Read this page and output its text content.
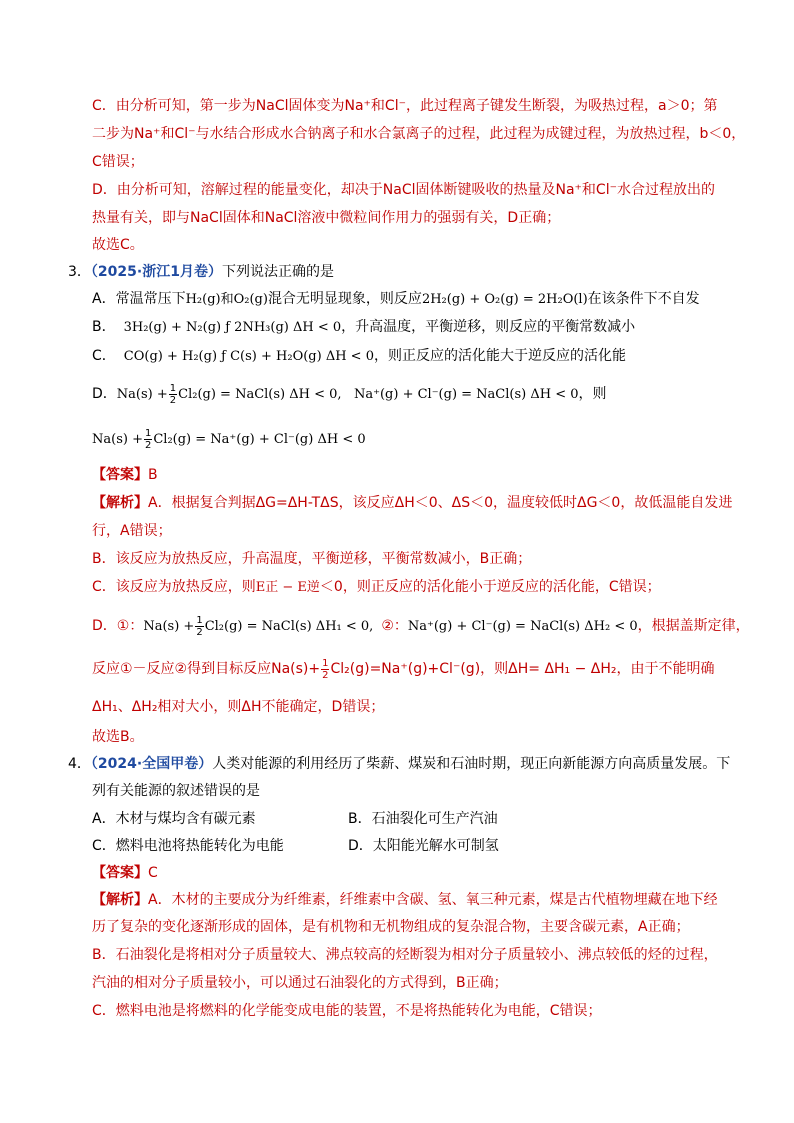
C．由分析可知，第一步为NaCl固体变为Na⁺和Cl⁻，此过程离子键发生断裂，为吸热过程，a＞0；第
二步为Na⁺和Cl⁻与水结合形成水合钠离子和水合氯离子的过程，此过程为成键过程，为放热过程，b＜0，
C错误；
D．由分析可知，溶解过程的能量变化，却决于NaCl固体断键吸收的热量及Na⁺和Cl⁻水合过程放出的
热量有关，即与NaCl固体和NaCl溶液中微粒间作用力的强弱有关，D正确；
故选C。
3．（2025·浙江1月卷）下列说法正确的是
A．常温常压下H₂(g)和O₂(g)混合无明显现象，则反应2H₂(g) + O₂(g) = 2H₂O(l)在该条件下不自发
B． 3H₂(g) + N₂(g) ƒ 2NH₃(g) ΔH < 0，升高温度，平衡逆移，则反应的平衡常数减小
C． CO(g) + H₂(g) ƒ C(s) + H₂O(g) ΔH < 0，则正反应的活化能大于逆反应的活化能
D．$Na(s) + \frac{1}{2} Cl_2(g)$ = NaCl(s) ΔH < 0, Na⁺(g) + Cl⁻(g) = NaCl(s) ΔH < 0，则
$Na(s) + \frac{1}{2} Cl_2(g) = Na^+(g) + Cl^-(g) \Delta H < 0$
【答案】B
【解析】A．根据复合判据ΔG=ΔH-TΔS，该反应ΔH＜0、ΔS＜0，温度较低时ΔG＜0，故低温能自发进
行，A错误；
B．该反应为放热反应，升高温度，平衡逆移，平衡常数减小，B正确；
C．该反应为放热反应，则E正 − E逆＜0，则正反应的活化能小于逆反应的活化能，C错误；
D．①：$Na(s) + \frac{1}{2} Cl_2(g)$ = NaCl(s) ΔH₁ < 0, ②：Na⁺(g) + Cl⁻(g) = NaCl(s) ΔH₂ < 0，根据盖斯定律，
反应①－反应②得到目标反应$Na(s)+ \frac{1}{2} Cl_2(g)=Na^+(g)+Cl^-(g)$，则ΔH= ΔH₁ − ΔH₂，由于不能明确
ΔH₁、ΔH₂相对大小，则ΔH不能确定，D错误；
故选B。
4．（2024·全国甲卷）人类对能源的利用经历了柴薪、煤炭和石油时期，现正向新能源方向高质量发展。下
列有关能源的叙述错误的是
A．木材与煤均含有碳元素	B．石油裂化可生产汽油
C．燃料电池将热能转化为电能	D．太阳能光解水可制氢
【答案】C
【解析】A．木材的主要成分为纤维素，纤维素中含碳、氢、氧三种元素，煤是古代植物埋藏在地下经
历了复杂的变化逐渐形成的固体，是有机物和无机物组成的复杂混合物，主要含碳元素，A正确；
B．石油裂化是将相对分子质量较大、沸点较高的烃断裂为相对分子质量较小、沸点较低的烃的过程，
汽油的相对分子质量较小，可以通过石油裂化的方式得到，B正确；
C．燃料电池是将燃料的化学能变成电能的装置，不是将热能转化为电能，C错误；
